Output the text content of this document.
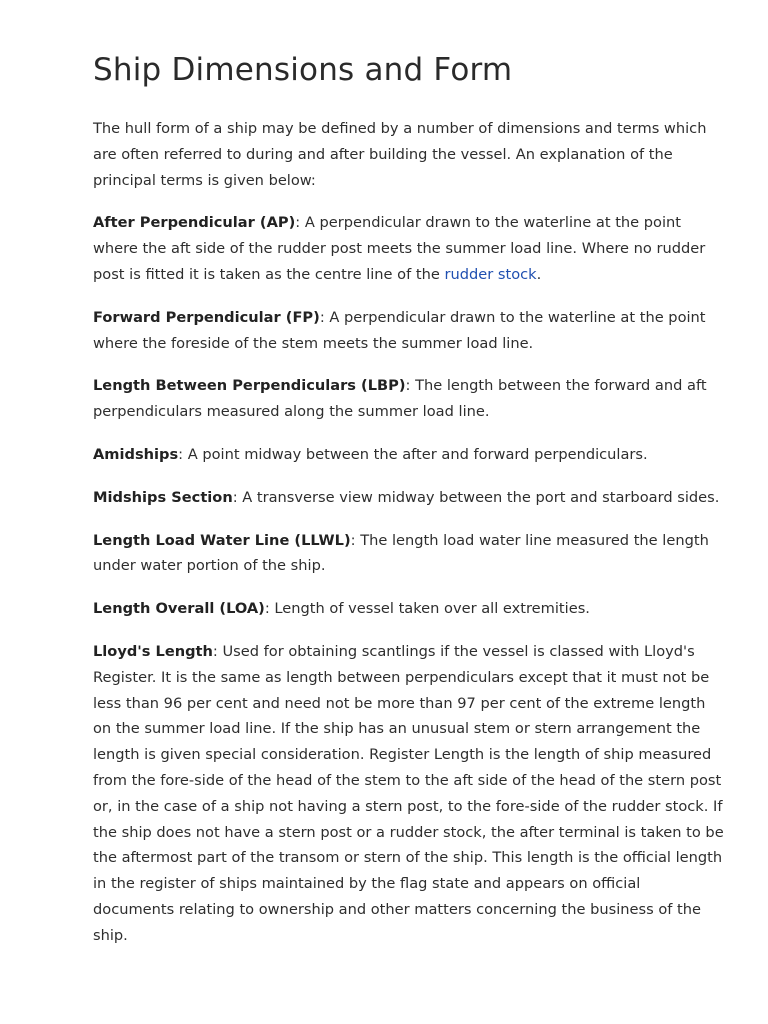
Ship Dimensions and Form

The hull form of a ship may be defined by a number of dimensions and terms which are often referred to during and after building the vessel. An explanation of the principal terms is given below:

After Perpendicular (AP): A perpendicular drawn to the waterline at the point where the aft side of the rudder post meets the summer load line. Where no rudder post is fitted it is taken as the centre line of the rudder stock.

Forward Perpendicular (FP): A perpendicular drawn to the waterline at the point where the foreside of the stem meets the summer load line.

Length Between Perpendiculars (LBP): The length between the forward and aft perpendiculars measured along the summer load line.

Amidships: A point midway between the after and forward perpendiculars.

Midships Section: A transverse view midway between the port and starboard sides.

Length Load Water Line (LLWL): The length load water line measured the length under water portion of the ship.

Length Overall (LOA): Length of vessel taken over all extremities.

Lloyd's Length: Used for obtaining scantlings if the vessel is classed with Lloyd's Register. It is the same as length between perpendiculars except that it must not be less than 96 per cent and need not be more than 97 per cent of the extreme length on the summer load line. If the ship has an unusual stem or stern arrangement the length is given special consideration. Register Length is the length of ship measured from the fore-side of the head of the stem to the aft side of the head of the stern post or, in the case of a ship not having a stern post, to the fore-side of the rudder stock. If the ship does not have a stern post or a rudder stock, the after terminal is taken to be the aftermost part of the transom or stern of the ship. This length is the official length in the register of ships maintained by the flag state and appears on official documents relating to ownership and other matters concerning the business of the ship.
